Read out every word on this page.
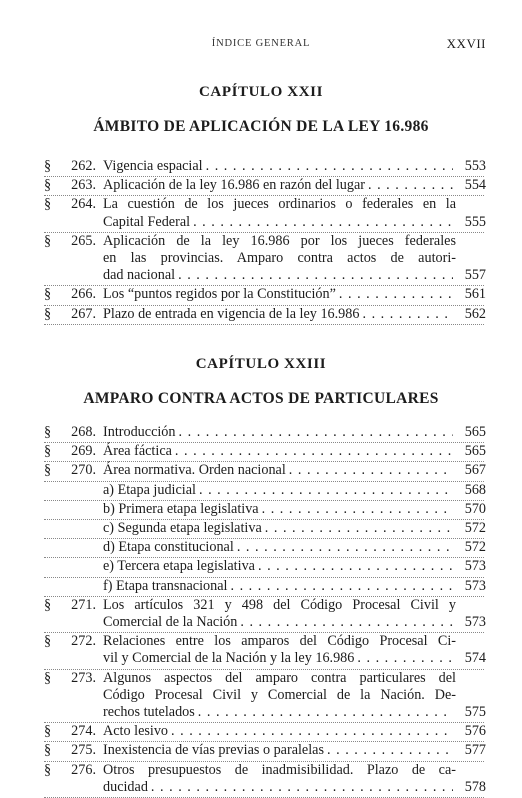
ÍNDICE GENERAL	XXVII
CAPÍTULO XXII
ÁMBITO DE APLICACIÓN DE LA LEY 16.986
§	262. Vigencia espacial . . .	553
§	263. Aplicación de la ley 16.986 en razón del lugar . . .	554
§	264. La cuestión de los jueces ordinarios o federales en la
Capital Federal . . .	555
§	265. Aplicación de la ley 16.986 por los jueces federales
en las provincias. Amparo contra actos de autori-
dad nacional . . .	557
§	266. Los “puntos regidos por la Constitución” . . .	561
§	267. Plazo de entrada en vigencia de la ley 16.986 . . .	562
CAPÍTULO XXIII
AMPARO CONTRA ACTOS DE PARTICULARES
§	268. Introducción . . .	565
§	269. Área fáctica . . .	565
§	270. Área normativa. Orden nacional . . .	567
a) Etapa judicial . . .	568
b) Primera etapa legislativa . . .	570
c) Segunda etapa legislativa . . .	572
d) Etapa constitucional . . .	572
e) Tercera etapa legislativa . . .	573
f) Etapa transnacional . . .	573
§	271. Los artículos 321 y 498 del Código Procesal Civil y
Comercial de la Nación . . .	573
§	272. Relaciones entre los amparos del Código Procesal Ci-
vil y Comercial de la Nación y la ley 16.986 . . .	574
§	273. Algunos aspectos del amparo contra particulares del
Código Procesal Civil y Comercial de la Nación. De-
rechos tutelados . . .	575
§	274. Acto lesivo . . .	576
§	275. Inexistencia de vías previas o paralelas . . .	577
§	276. Otros presupuestos de inadmisibilidad. Plazo de ca-
ducidad . . .	578
